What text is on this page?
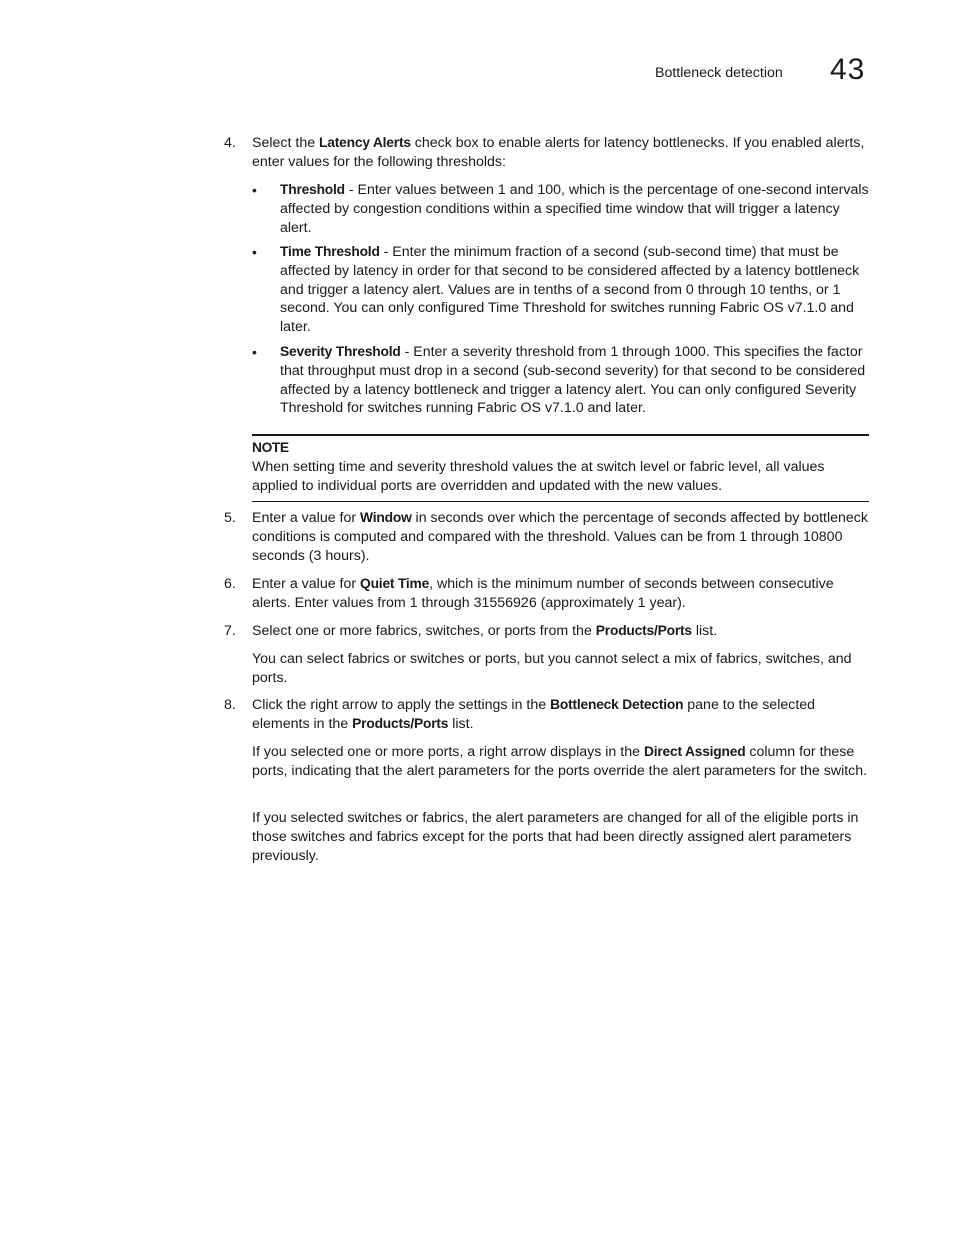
Bottleneck detection 43
4. Select the Latency Alerts check box to enable alerts for latency bottlenecks. If you enabled alerts, enter values for the following thresholds:
• Threshold - Enter values between 1 and 100, which is the percentage of one-second intervals affected by congestion conditions within a specified time window that will trigger a latency alert.
• Time Threshold - Enter the minimum fraction of a second (sub-second time) that must be affected by latency in order for that second to be considered affected by a latency bottleneck and trigger a latency alert. Values are in tenths of a second from 0 through 10 tenths, or 1 second. You can only configured Time Threshold for switches running Fabric OS v7.1.0 and later.
• Severity Threshold - Enter a severity threshold from 1 through 1000. This specifies the factor that throughput must drop in a second (sub-second severity) for that second to be considered affected by a latency bottleneck and trigger a latency alert. You can only configured Severity Threshold for switches running Fabric OS v7.1.0 and later.
NOTE
When setting time and severity threshold values the at switch level or fabric level, all values applied to individual ports are overridden and updated with the new values.
5. Enter a value for Window in seconds over which the percentage of seconds affected by bottleneck conditions is computed and compared with the threshold. Values can be from 1 through 10800 seconds (3 hours).
6. Enter a value for Quiet Time, which is the minimum number of seconds between consecutive alerts. Enter values from 1 through 31556926 (approximately 1 year).
7. Select one or more fabrics, switches, or ports from the Products/Ports list.
You can select fabrics or switches or ports, but you cannot select a mix of fabrics, switches, and ports.
8. Click the right arrow to apply the settings in the Bottleneck Detection pane to the selected elements in the Products/Ports list.
If you selected one or more ports, a right arrow displays in the Direct Assigned column for these ports, indicating that the alert parameters for the ports override the alert parameters for the switch.
If you selected switches or fabrics, the alert parameters are changed for all of the eligible ports in those switches and fabrics except for the ports that had been directly assigned alert parameters previously.
